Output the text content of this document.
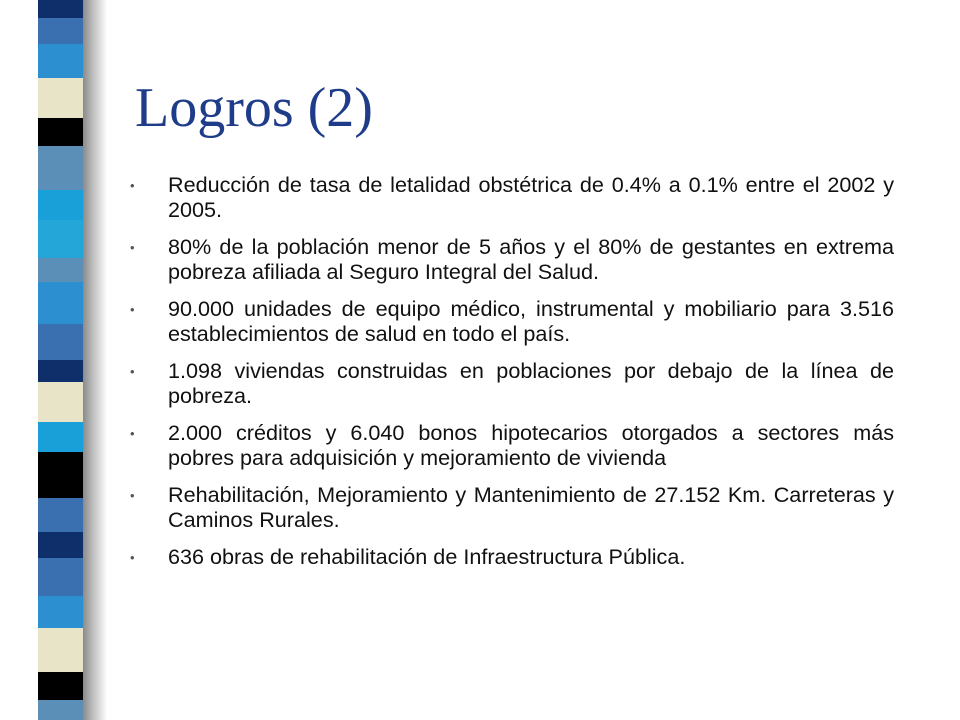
Logros (2)
• Reducción de tasa de letalidad obstétrica de 0.4% a 0.1% entre el 2002 y 2005.
• 80% de la población menor de 5 años y el 80% de gestantes en extrema pobreza afiliada al Seguro Integral del Salud.
• 90.000 unidades de equipo médico, instrumental y mobiliario para 3.516 establecimientos de salud en todo el país.
• 1.098 viviendas construidas en poblaciones por debajo de la línea de pobreza.
• 2.000 créditos y 6.040 bonos hipotecarios otorgados a sectores más pobres para adquisición y mejoramiento de vivienda
• Rehabilitación, Mejoramiento y Mantenimiento de 27.152 Km. Carreteras y Caminos Rurales.
• 636 obras de rehabilitación de Infraestructura Pública.
